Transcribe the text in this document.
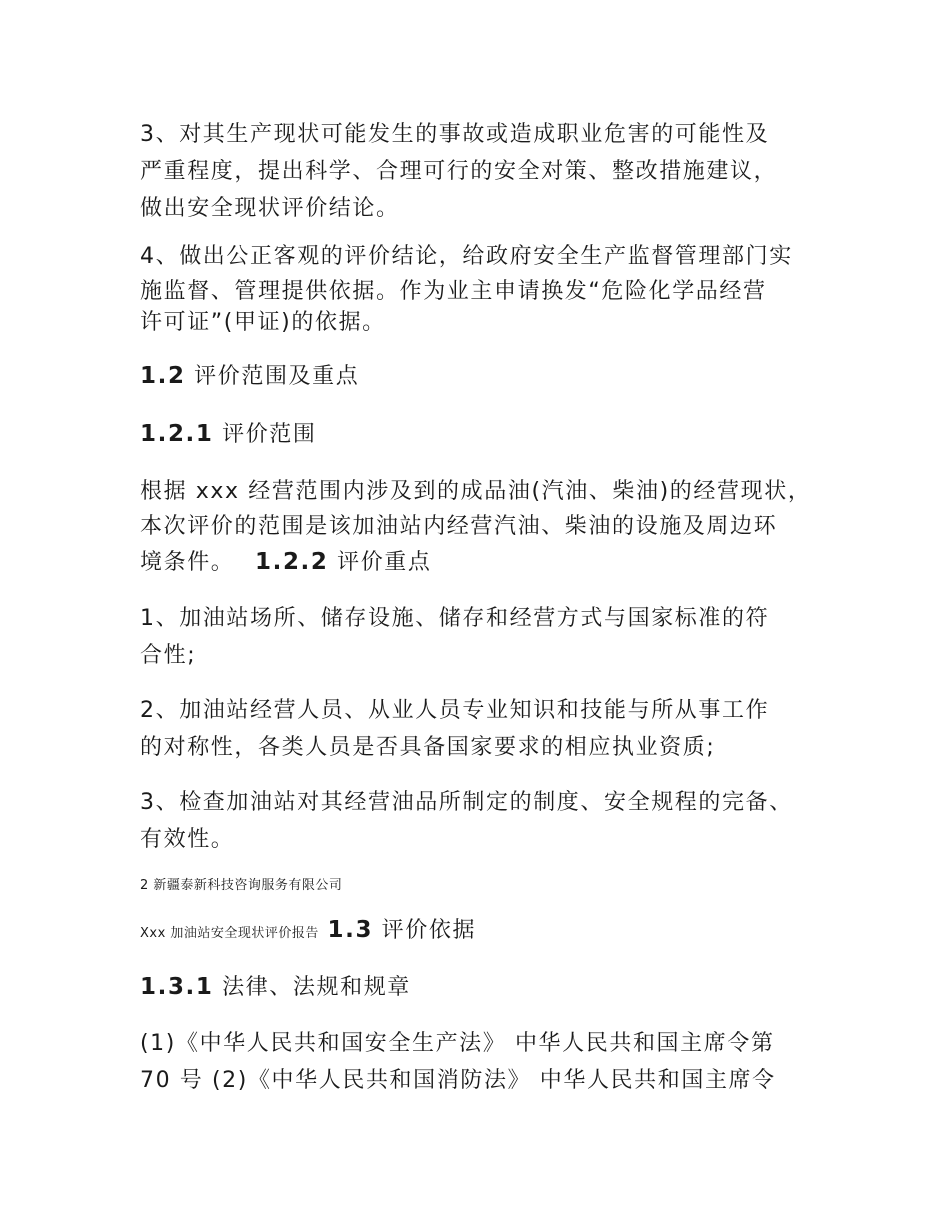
3、对其生产现状可能发生的事故或造成职业危害的可能性及
严重程度，提出科学、合理可行的安全对策、整改措施建议，
做出安全现状评价结论。
4、做出公正客观的评价结论，给政府安全生产监督管理部门实
施监督、管理提供依据。作为业主申请换发“危险化学品经营
许可证”(甲证)的依据。
1.2 评价范围及重点
1.2.1 评价范围
根据 xxx 经营范围内涉及到的成品油(汽油、柴油)的经营现状，
本次评价的范围是该加油站内经营汽油、柴油的设施及周边环
境条件。 1.2.2 评价重点
1、加油站场所、储存设施、储存和经营方式与国家标准的符
合性;
2、加油站经营人员、从业人员专业知识和技能与所从事工作
的对称性，各类人员是否具备国家要求的相应执业资质;
3、检查加油站对其经营油品所制定的制度、安全规程的完备、
有效性。
2 新疆泰新科技咨询服务有限公司
Xxx 加油站安全现状评价报告 1.3 评价依据
1.3.1 法律、法规和规章
(1)《中华人民共和国安全生产法》 中华人民共和国主席令第
70 号 (2)《中华人民共和国消防法》 中华人民共和国主席令
